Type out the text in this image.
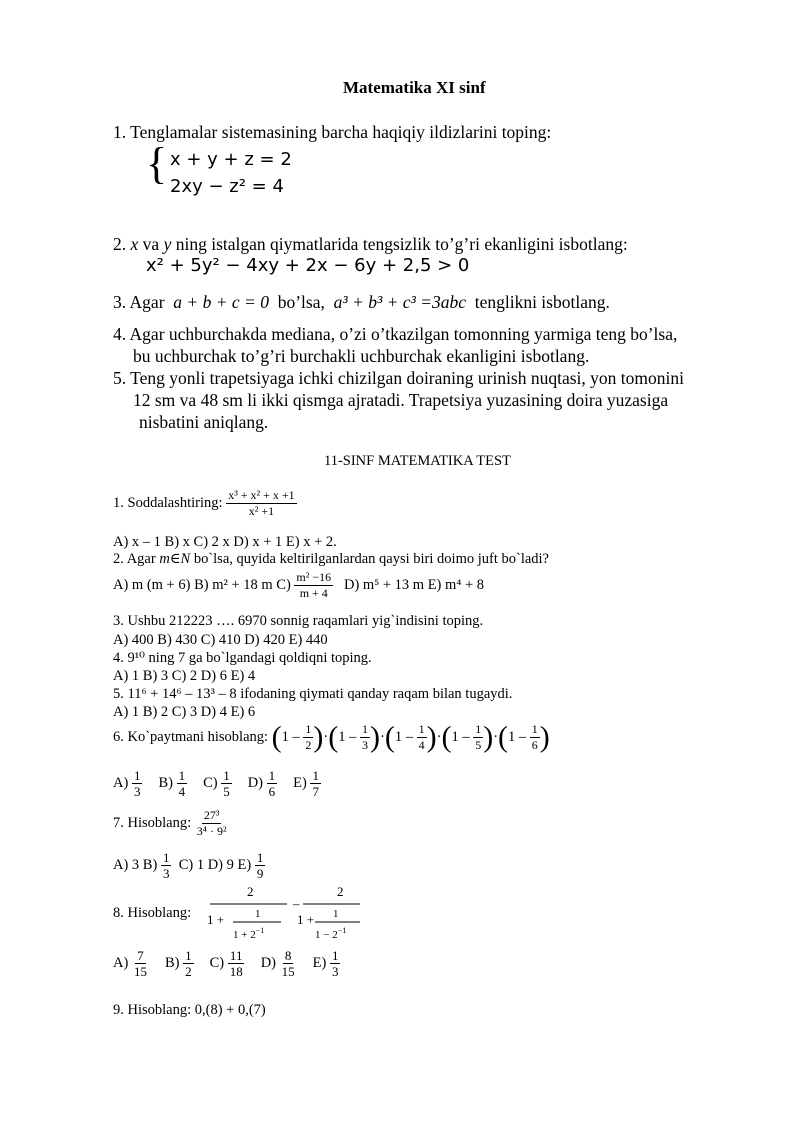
Matematika XI sinf
1. Tenglamalar sistemasining barcha haqiqiy ildizlarini toping:
{ x + y + z = 2
2xy − z² = 4
2. x va y ning istalgan qiymatlarida tengsizlik to’g’ri ekanligini isbotlang:
x² + 5y² − 4xy + 2x − 6y + 2,5 > 0
3. Agar a + b + c = 0 bo’lsa, a³ + b³ + c³ =3abc tenglikni isbotlang.
4. Agar uchburchakda mediana, o’zi o’tkazilgan tomonning yarmiga teng bo’lsa,
bu uchburchak to’g’ri burchakli uchburchak ekanligini isbotlang.
5. Teng yonli trapetsiyaga ichki chizilgan doiraning urinish nuqtasi, yon tomonini
12 sm va 48 sm li ikki qismga ajratadi. Trapetsiya yuzasining doira yuzasiga
nisbatini aniqlang.
11-SINF MATEMATIKA TEST
1. Soddalashtiring: $\frac{\text{x³ + x² + x +1}}{\text{x² +1}}$
A) x – 1 B) x C) 2 x D) x + 1 E) x + 2.
2. Agar m∈N bo`lsa, quyida keltirilganlardan qaysi biri doimo juft bo`ladi?
A) m (m + 6) B) m² + 18 m $C) \frac{\text{m² −16}}{m + 4} D$) m⁵ + 13 m E) m⁴ + 8
3. Ushbu 212223 …. 6970 sonnig raqamlari yig`indisini toping.
A) 400 B) 430 C) 410 D) 420 E) 440
4. 9¹⁰ ning 7 ga bo`lgandagi qoldiqni toping.
A) 1 B) 3 C) 2 D) 6 E) 4
5. 11⁶ + 14⁶ – 13³ – 8 ifodaning qiymati qanday raqam bilan tugaydi.
A) 1 B) 2 C) 3 D) 4 E) 6
6. Ko`paytmani hisoblang: $(1 - \frac{1}{2} )\cdot(1 - \frac{1}{3} )\cdot(1 - \frac{1}{4} )\cdot(1 - \frac{1}{5} )\cdot(1 - \frac{1}{6}$ )
$A) \frac{1}{3} B) \frac{1}{4} C) \frac{1}{5} D) \frac{1}{6} E) \frac{1}{7}$
7. Hisoblang: $\frac{\text{27³}}{\text{3⁴ · 9²}}$
A) 3 $B) \frac{1}{3} C$) 1 D) 9 $E) \frac{1}{9}$
8. Hisoblang:
2
1 +	1
$1 + 2^{-1}$
–
2
1 + 1
$1 - 2^{-1}$
$A) \frac{7}{15} B) \frac{1}{2} C) \frac{11}{18} D) \frac{8}{15} E) \frac{1}{3}$
9. Hisoblang: 0,(8) + 0,(7)
